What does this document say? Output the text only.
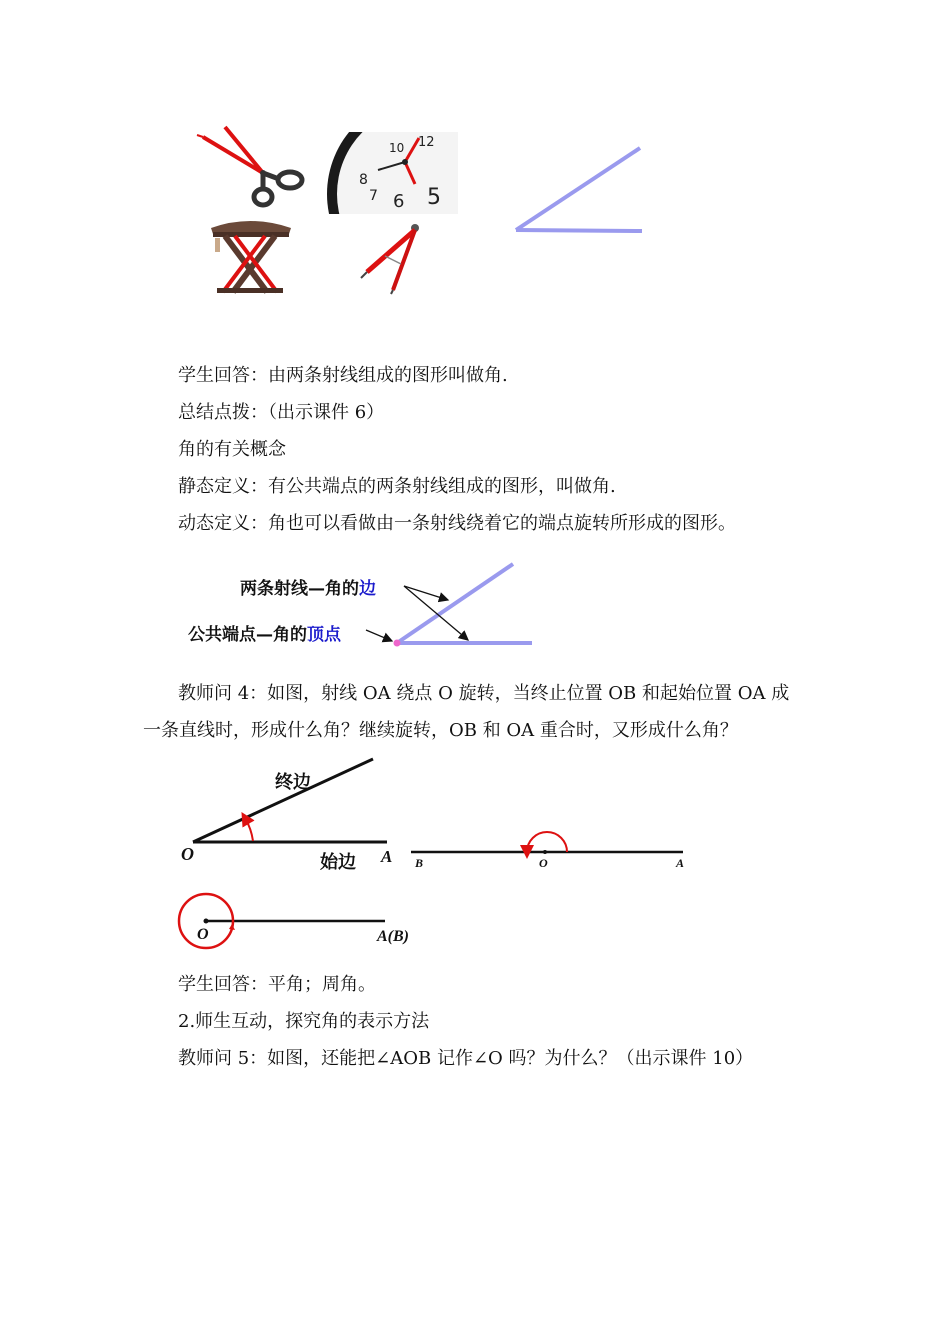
12
10
8
7 6 5
学生回答：由两条射线组成的图形叫做角.
总结点拨：（出示课件 6）
角的有关概念
静态定义：有公共端点的两条射线组成的图形，叫做角.
动态定义：角也可以看做由一条射线绕着它的端点旋转所形成的图形。
两条射线—角的边
公共端点—角的顶点
教师问 4：如图，射线 OA 绕点 O 旋转，当终止位置 OB 和起始位置 OA 成
一条直线时，形成什么角？继续旋转，OB 和 OA 重合时，又形成什么角？
终边
始边
O	A B	O	A
O	A(B)
学生回答：平角；周角。
2.师生互动，探究角的表示方法
教师问 5：如图，还能把∠AOB 记作∠O 吗？为什么？（出示课件 10）
